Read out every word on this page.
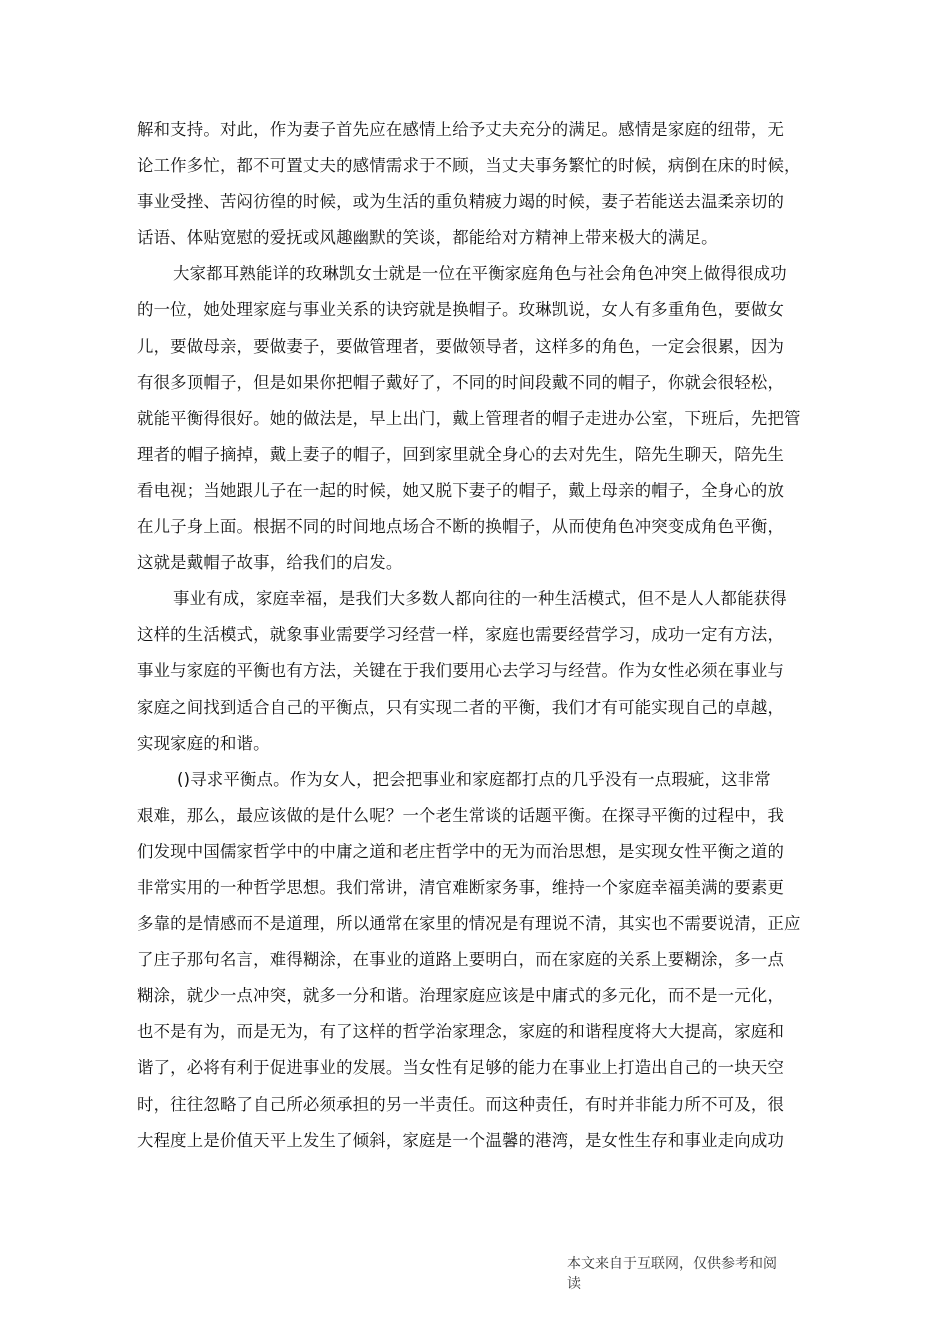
解和支持。对此，作为妻子首先应在感情上给予丈夫充分的满足。感情是家庭的纽带，无
论工作多忙，都不可置丈夫的感情需求于不顾，当丈夫事务繁忙的时候，病倒在床的时候，
事业受挫、苦闷彷徨的时候，或为生活的重负精疲力竭的时候，妻子若能送去温柔亲切的
话语、体贴宽慰的爱抚或风趣幽默的笑谈，都能给对方精神上带来极大的满足。
大家都耳熟能详的玫琳凯女士就是一位在平衡家庭角色与社会角色冲突上做得很成功
的一位，她处理家庭与事业关系的诀窍就是换帽子。玫琳凯说，女人有多重角色，要做女
儿，要做母亲，要做妻子，要做管理者，要做领导者，这样多的角色，一定会很累，因为
有很多顶帽子，但是如果你把帽子戴好了，不同的时间段戴不同的帽子，你就会很轻松，
就能平衡得很好。她的做法是，早上出门，戴上管理者的帽子走进办公室，下班后，先把管
理者的帽子摘掉，戴上妻子的帽子，回到家里就全身心的去对先生，陪先生聊天，陪先生
看电视；当她跟儿子在一起的时候，她又脱下妻子的帽子，戴上母亲的帽子，全身心的放
在儿子身上面。根据不同的时间地点场合不断的换帽子，从而使角色冲突变成角色平衡，
这就是戴帽子故事，给我们的启发。
事业有成，家庭幸福，是我们大多数人都向往的一种生活模式，但不是人人都能获得
这样的生活模式，就象事业需要学习经营一样，家庭也需要经营学习，成功一定有方法，
事业与家庭的平衡也有方法，关键在于我们要用心去学习与经营。作为女性必须在事业与
家庭之间找到适合自己的平衡点，只有实现二者的平衡，我们才有可能实现自己的卓越，
实现家庭的和谐。
()寻求平衡点。作为女人，把会把事业和家庭都打点的几乎没有一点瑕疵，这非常
艰难，那么，最应该做的是什么呢？一个老生常谈的话题平衡。在探寻平衡的过程中，我
们发现中国儒家哲学中的中庸之道和老庄哲学中的无为而治思想，是实现女性平衡之道的
非常实用的一种哲学思想。我们常讲，清官难断家务事，维持一个家庭幸福美满的要素更
多靠的是情感而不是道理，所以通常在家里的情况是有理说不清，其实也不需要说清，正应
了庄子那句名言，难得糊涂，在事业的道路上要明白，而在家庭的关系上要糊涂，多一点
糊涂，就少一点冲突，就多一分和谐。治理家庭应该是中庸式的多元化，而不是一元化，
也不是有为，而是无为，有了这样的哲学治家理念，家庭的和谐程度将大大提高，家庭和
谐了，必将有利于促进事业的发展。当女性有足够的能力在事业上打造出自己的一块天空
时，往往忽略了自己所必须承担的另一半责任。而这种责任，有时并非能力所不可及，很
大程度上是价值天平上发生了倾斜，家庭是一个温馨的港湾，是女性生存和事业走向成功
本文来自于互联网，仅供参考和阅
读
